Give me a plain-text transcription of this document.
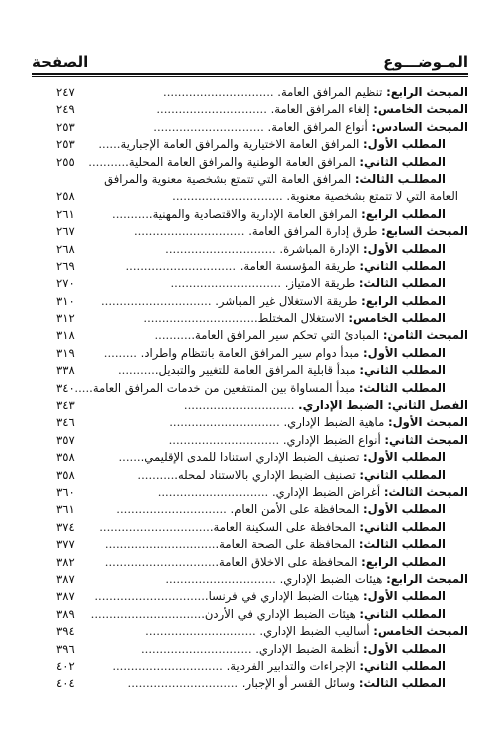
الصفحة	المـوضـــوع
٢٤٧	المبحث الرابع: تنظيم المرافق العامة. ..............................
٢٤٩	المبحث الخامس: إلغاء المرافق العامة. ..............................
٢٥٣	المبحث السادس: أنواع المرافق العامة. ..............................
٢٥٣	المطلب الأول: المرافق العامة الاختيارية والمرافق العامة الإجبارية......
٢٥٥	المطلب الثاني: المرافق العامة الوطنية والمرافق العامة المحلية...........
المطلـب الثالث: المرافق العامة التي تتمتع بشخصية معنوية والمرافق
٢٥٨	العامة التي لا تتمتع بشخصية معنوية. ..............................
٢٦١	المطلب الرابع: المرافق العامة الإدارية والاقتصادية والمهنية...........
٢٦٧	المبحث السابع: طرق إدارة المرافق العامة. ..............................
٢٦٨	المطلب الأول: الإدارة المباشرة. ..............................
٢٦٩	المطلب الثاني: طريقة المؤسسة العامة. ..............................
٢٧٠	المطلب الثالث: طريقة الامتياز. ..............................
٣١٠	المطلب الرابع: طريقة الاستغلال غير المباشر. ..............................
٣١٢	المطلب الخامس: الاستغلال المختلط...............................
٣١٨	المبحث الثامن: المبادئ التي تحكم سير المرافق العامة...........
٣١٩	المطلب الأول: مبدأ دوام سير المرافق العامة بانتظام واطراد. .........
٣٣٨	المطلب الثاني: مبدأ قابلية المرافق العامة للتغيير والتبديل...........
٣٤٠	المطلب الثالث: مبدأ المساواة بين المنتفعين من خدمات المرافق العامة.....
٣٤٣	الفصل الثاني: الضبط الإداري. ..............................
٣٤٦	المبحث الأول: ماهية الضبط الإداري. ..............................
٣٥٧	المبحث الثاني: أنواع الضبط الإداري. ..............................
٣٥٨	المطلب الأول: تصنيف الضبط الإداري استنادا للمدى الإقليمي.......
٣٥٨	المطلب الثاني: تصنيف الضبط الإداري بالاستناد لمحله...........
٣٦٠	المبحث الثالث: أغراض الضبط الإداري. ..............................
٣٦١	المطلب الأول: المحافظة على الأمن العام. ..............................
٣٧٤	المطلب الثاني: المحافظة على السكينة العامة...............................
٣٧٧	المطلب الثالث: المحافظة على الصحة العامة...............................
٣٨٢	المطلب الرابع: المحافظة على الاخلاق العامة...............................
٣٨٧	المبحث الرابع: هيئات الضبط الإداري. ..............................
٣٨٧	المطلب الأول: هيئات الضبط الإداري في فرنسا...............................
٣٨٩	المطلب الثاني: هيئات الضبط الإداري في الأردن...............................
٣٩٤	المبحث الخامس: أساليب الضبط الإداري. ..............................
٣٩٦	المطلب الأول: أنظمة الضبط الإداري. ..............................
٤٠٢	المطلب الثاني: الإجراءات والتدابير الفردية. ..............................
٤٠٤	المطلب الثالث: وسائل القسر أو الإجبار. ..............................
